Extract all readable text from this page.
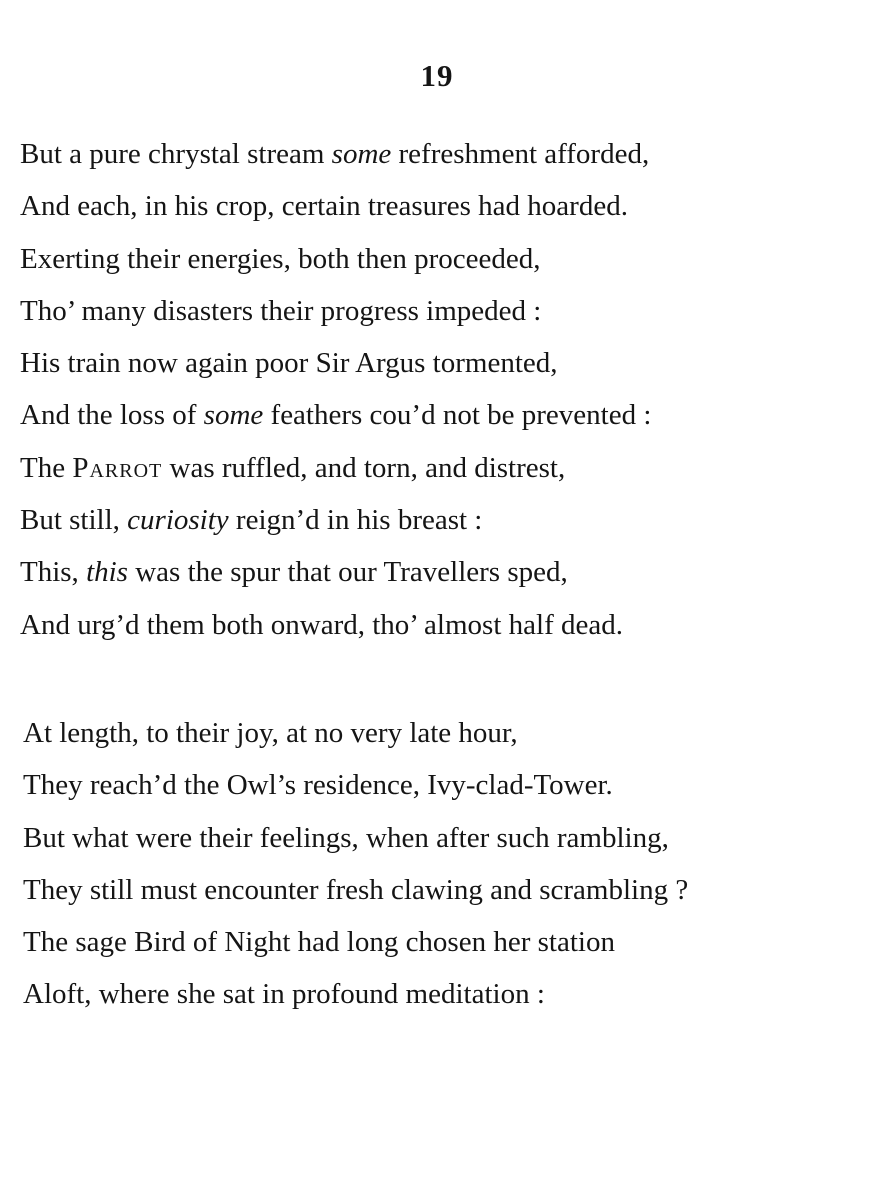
19
But a pure chrystal stream some refreshment afforded,
And each, in his crop, certain treasures had hoarded.
Exerting their energies, both then proceeded,
Tho’ many disasters their progress impeded :
His train now again poor Sir Argus tormented,
And the loss of some feathers cou’d not be prevented :
The Parrot was ruffled, and torn, and distrest,
But still, curiosity reign’d in his breast :
This, this was the spur that our Travellers sped,
And urg’d them both onward, tho’ almost half dead.
At length, to their joy, at no very late hour,
They reach’d the Owl’s residence, Ivy-clad-Tower.
But what were their feelings, when after such rambling,
They still must encounter fresh clawing and scrambling ?
The sage Bird of Night had long chosen her station
Aloft, where she sat in profound meditation :
